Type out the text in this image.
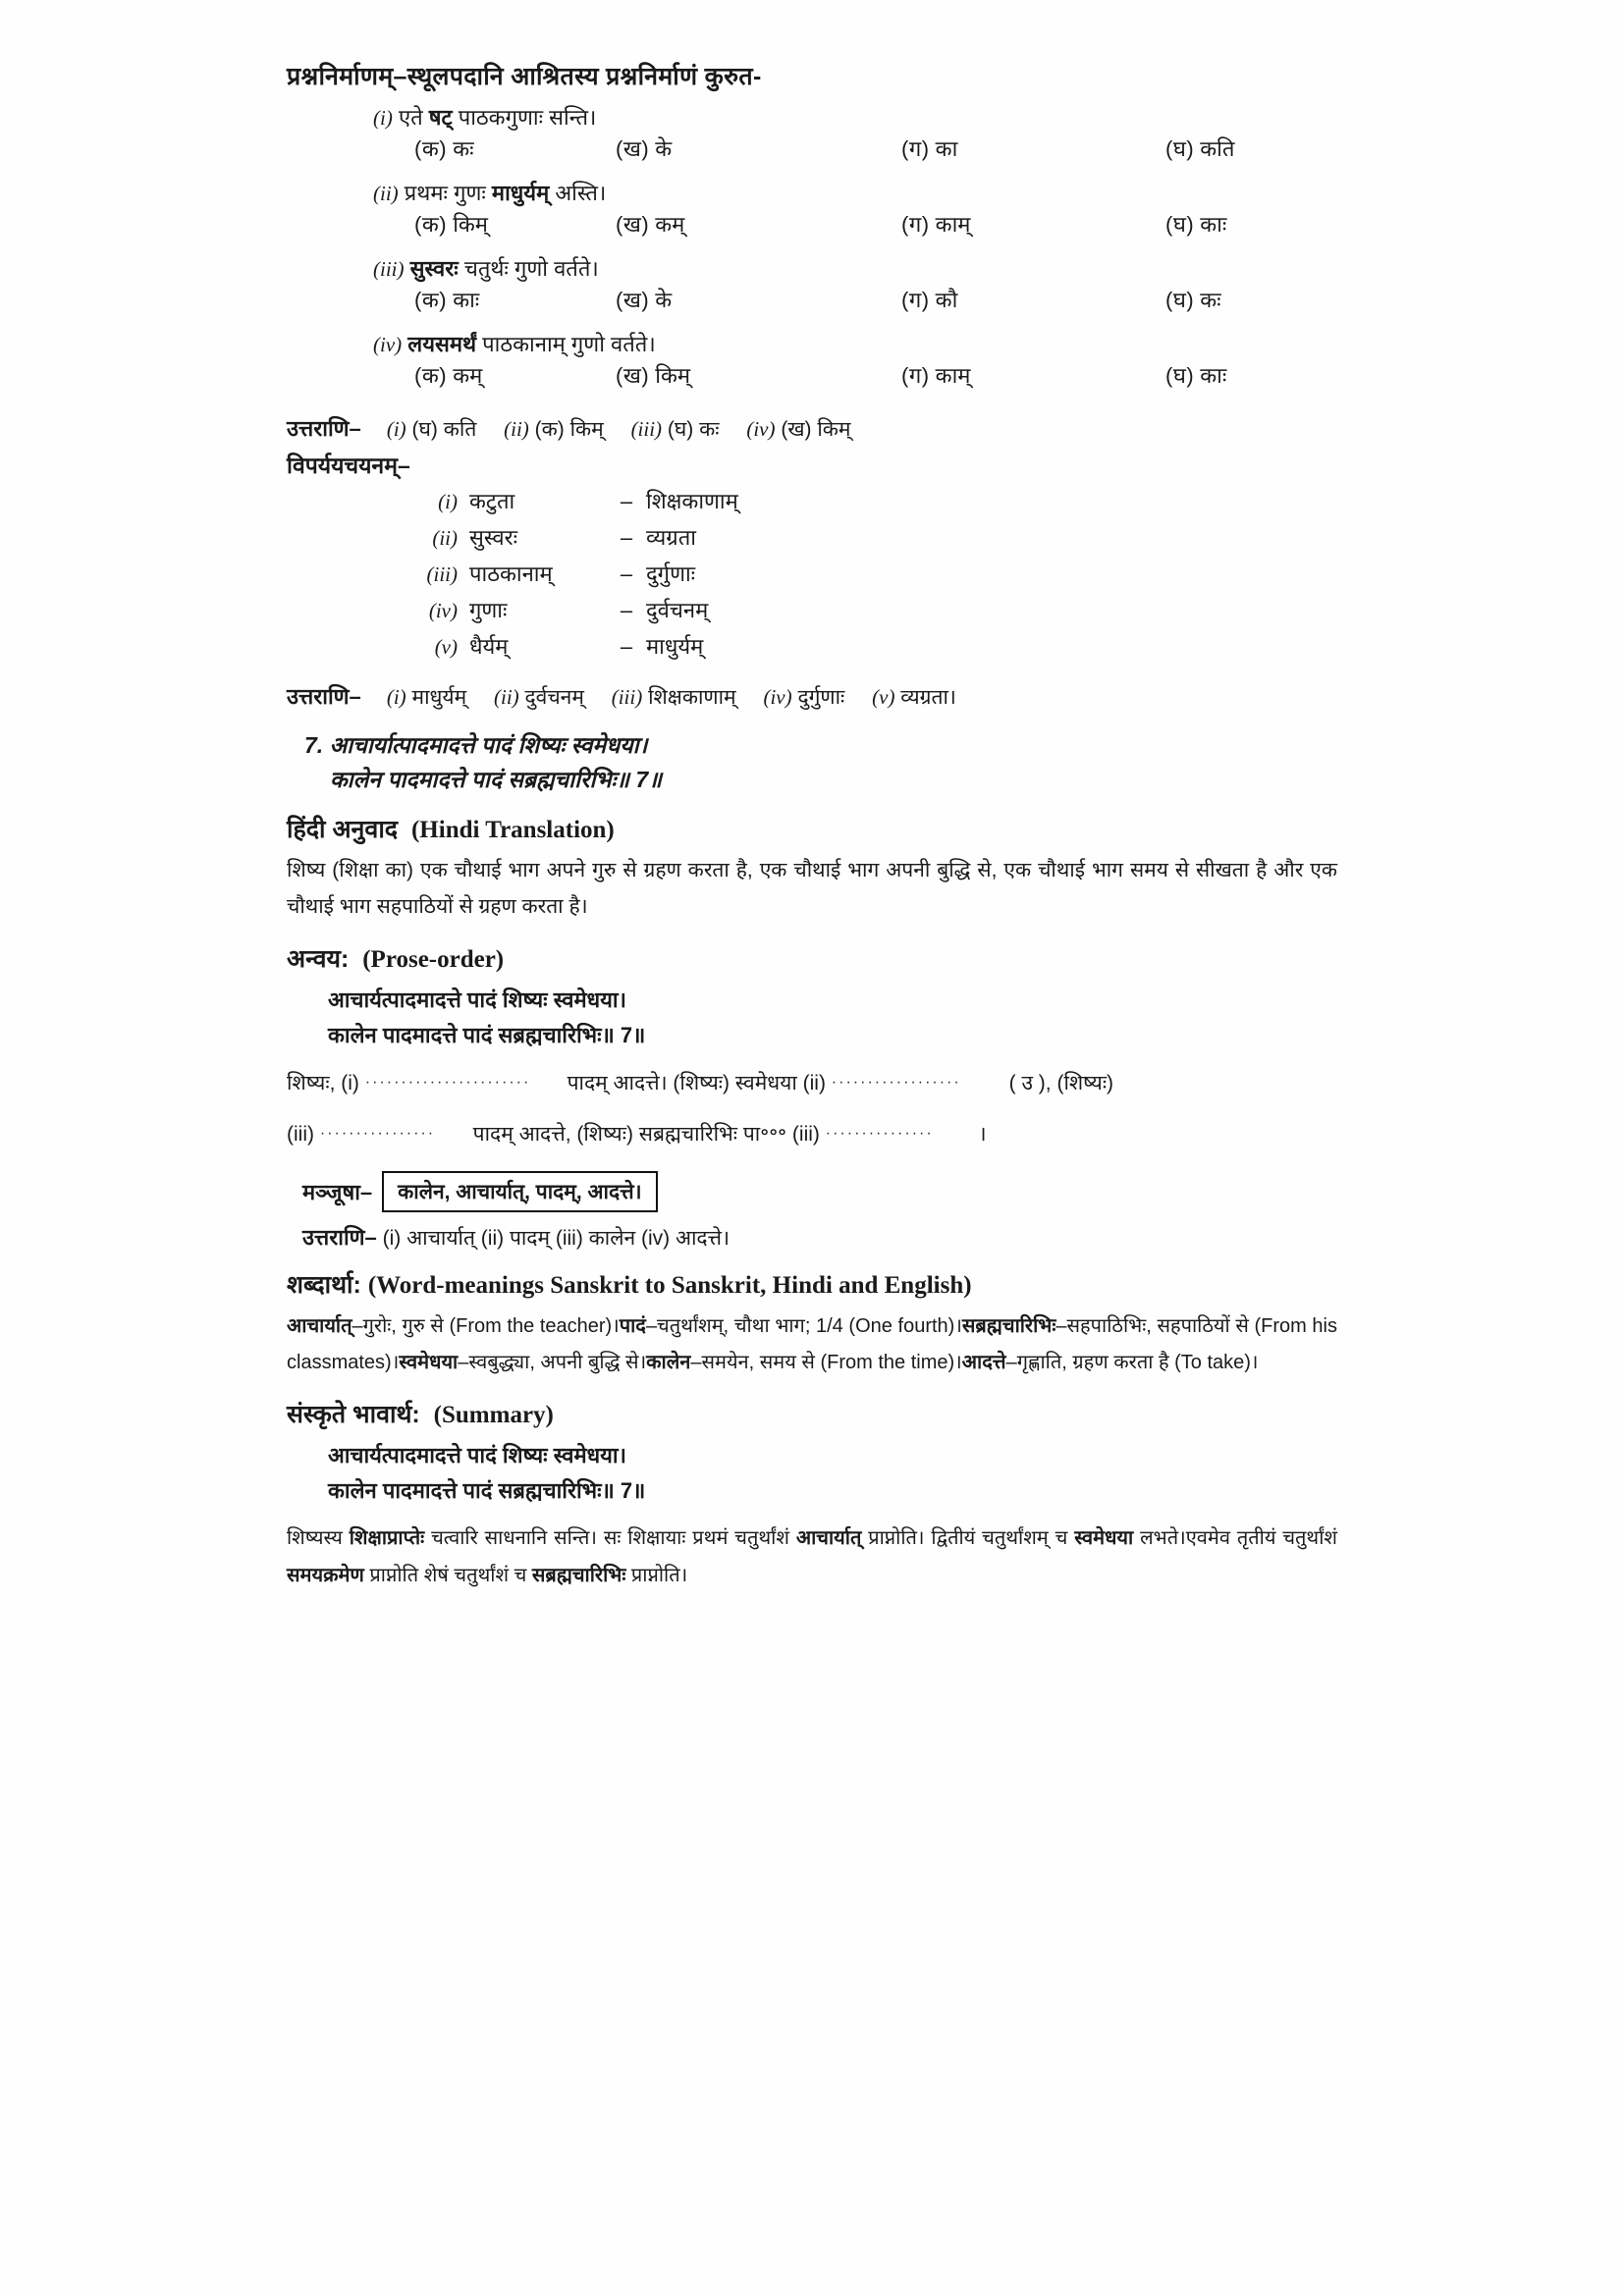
प्रश्ननिर्माणम्–स्थूलपदानि आश्रितस्य प्रश्ननिर्माणं कुरुत-
(i) एते षट् पाठकगुणाः सन्ति।
(क) कः	(ख) के	(ग) का	(घ) कति
(ii) प्रथमः गुणः माधुर्यम् अस्ति।
(क) किम्	(ख) कम्	(ग) काम्	(घ) काः
(iii) सुस्वरः चतुर्थः गुणो वर्तते।
(क) काः	(ख) के	(ग) कौ	(घ) कः
(iv) लयसमर्थं पाठकानाम् गुणो वर्तते।
(क) कम्	(ख) किम्	(ग) काम्	(घ) काः
उत्तराणि– (i) (घ) कति (ii) (क) किम् (iii) (घ) कः (iv) (ख) किम्
विपर्ययचयनम्–
(i) कटुता	– शिक्षकाणाम्
(ii) सुस्वरः	– व्यग्रता
(iii) पाठकानाम्	– दुर्गुणाः
(iv) गुणाः	– दुर्वचनम्
(v) धैर्यम्	– माधुर्यम्
उत्तराणि– (i) माधुर्यम् (ii) दुर्वचनम् (iii) शिक्षकाणाम् (iv) दुर्गुणाः (v) व्यग्रता।
7. आचार्यात्पादमादत्ते पादं शिष्यः स्वमेधया।
कालेन पादमादत्ते पादं सब्रह्मचारिभिः॥ 7॥
हिंदी अनुवाद (Hindi Translation)
शिष्य (शिक्षा का) एक चौथाई भाग अपने गुरु से ग्रहण करता है, एक चौथाई भाग अपनी बुद्धि से, एक चौथाई भाग समय से सीखता है और एक चौथाई भाग सहपाठियों से ग्रहण करता है।
अन्वय: (Prose-order)
आचार्यत्पादमादत्ते पादं शिष्यः स्वमेधया।
कालेन पादमादत्ते पादं सब्रह्मचारिभिः॥ 7॥
शिष्यः, (i) ······················· पादम् आदत्ते। (शिष्यः) स्वमेधया (ii) ·················· ( उ ), (शिष्यः)
(iii) ················ पादम् आदत्ते, (शिष्यः) सब्रह्मचारिभिः पा॰॰॰ (iii) ··············· ।
मञ्जूषा–	कालेन, आचार्यात्, पादम्, आदत्ते।
उत्तराणि– (i) आचार्यात् (ii) पादम् (iii) कालेन (iv) आदत्ते।
शब्दार्था: (Word-meanings Sanskrit to Sanskrit, Hindi and English)
आचार्यात्–गुरोः, गुरु से (From the teacher)।पादं–चतुर्थांशम्, चौथा भाग; 1/4 (One fourth)।सब्रह्मचारिभिः–सहपाठिभिः, सहपाठियों से (From his classmates)।स्वमेधया–स्वबुद्ध्या, अपनी बुद्धि से।कालेन–समयेन, समय से (From the time)।आदत्ते–गृह्णाति, ग्रहण करता है (To take)।
संस्कृते भावार्थ: (Summary)
आचार्यत्पादमादत्ते पादं शिष्यः स्वमेधया।
कालेन पादमादत्ते पादं सब्रह्मचारिभिः॥ 7॥
शिष्यस्य शिक्षाप्राप्तेः चत्वारि साधनानि सन्ति। सः शिक्षायाः प्रथमं चतुर्थांशं आचार्यात् प्राप्नोति। द्वितीयं चतुर्थांशम् च स्वमेधया लभते।एवमेव तृतीयं चतुर्थांशं समयक्रमेण प्राप्नोति शेषं चतुर्थांशं च सब्रह्मचारिभिः प्राप्नोति।
